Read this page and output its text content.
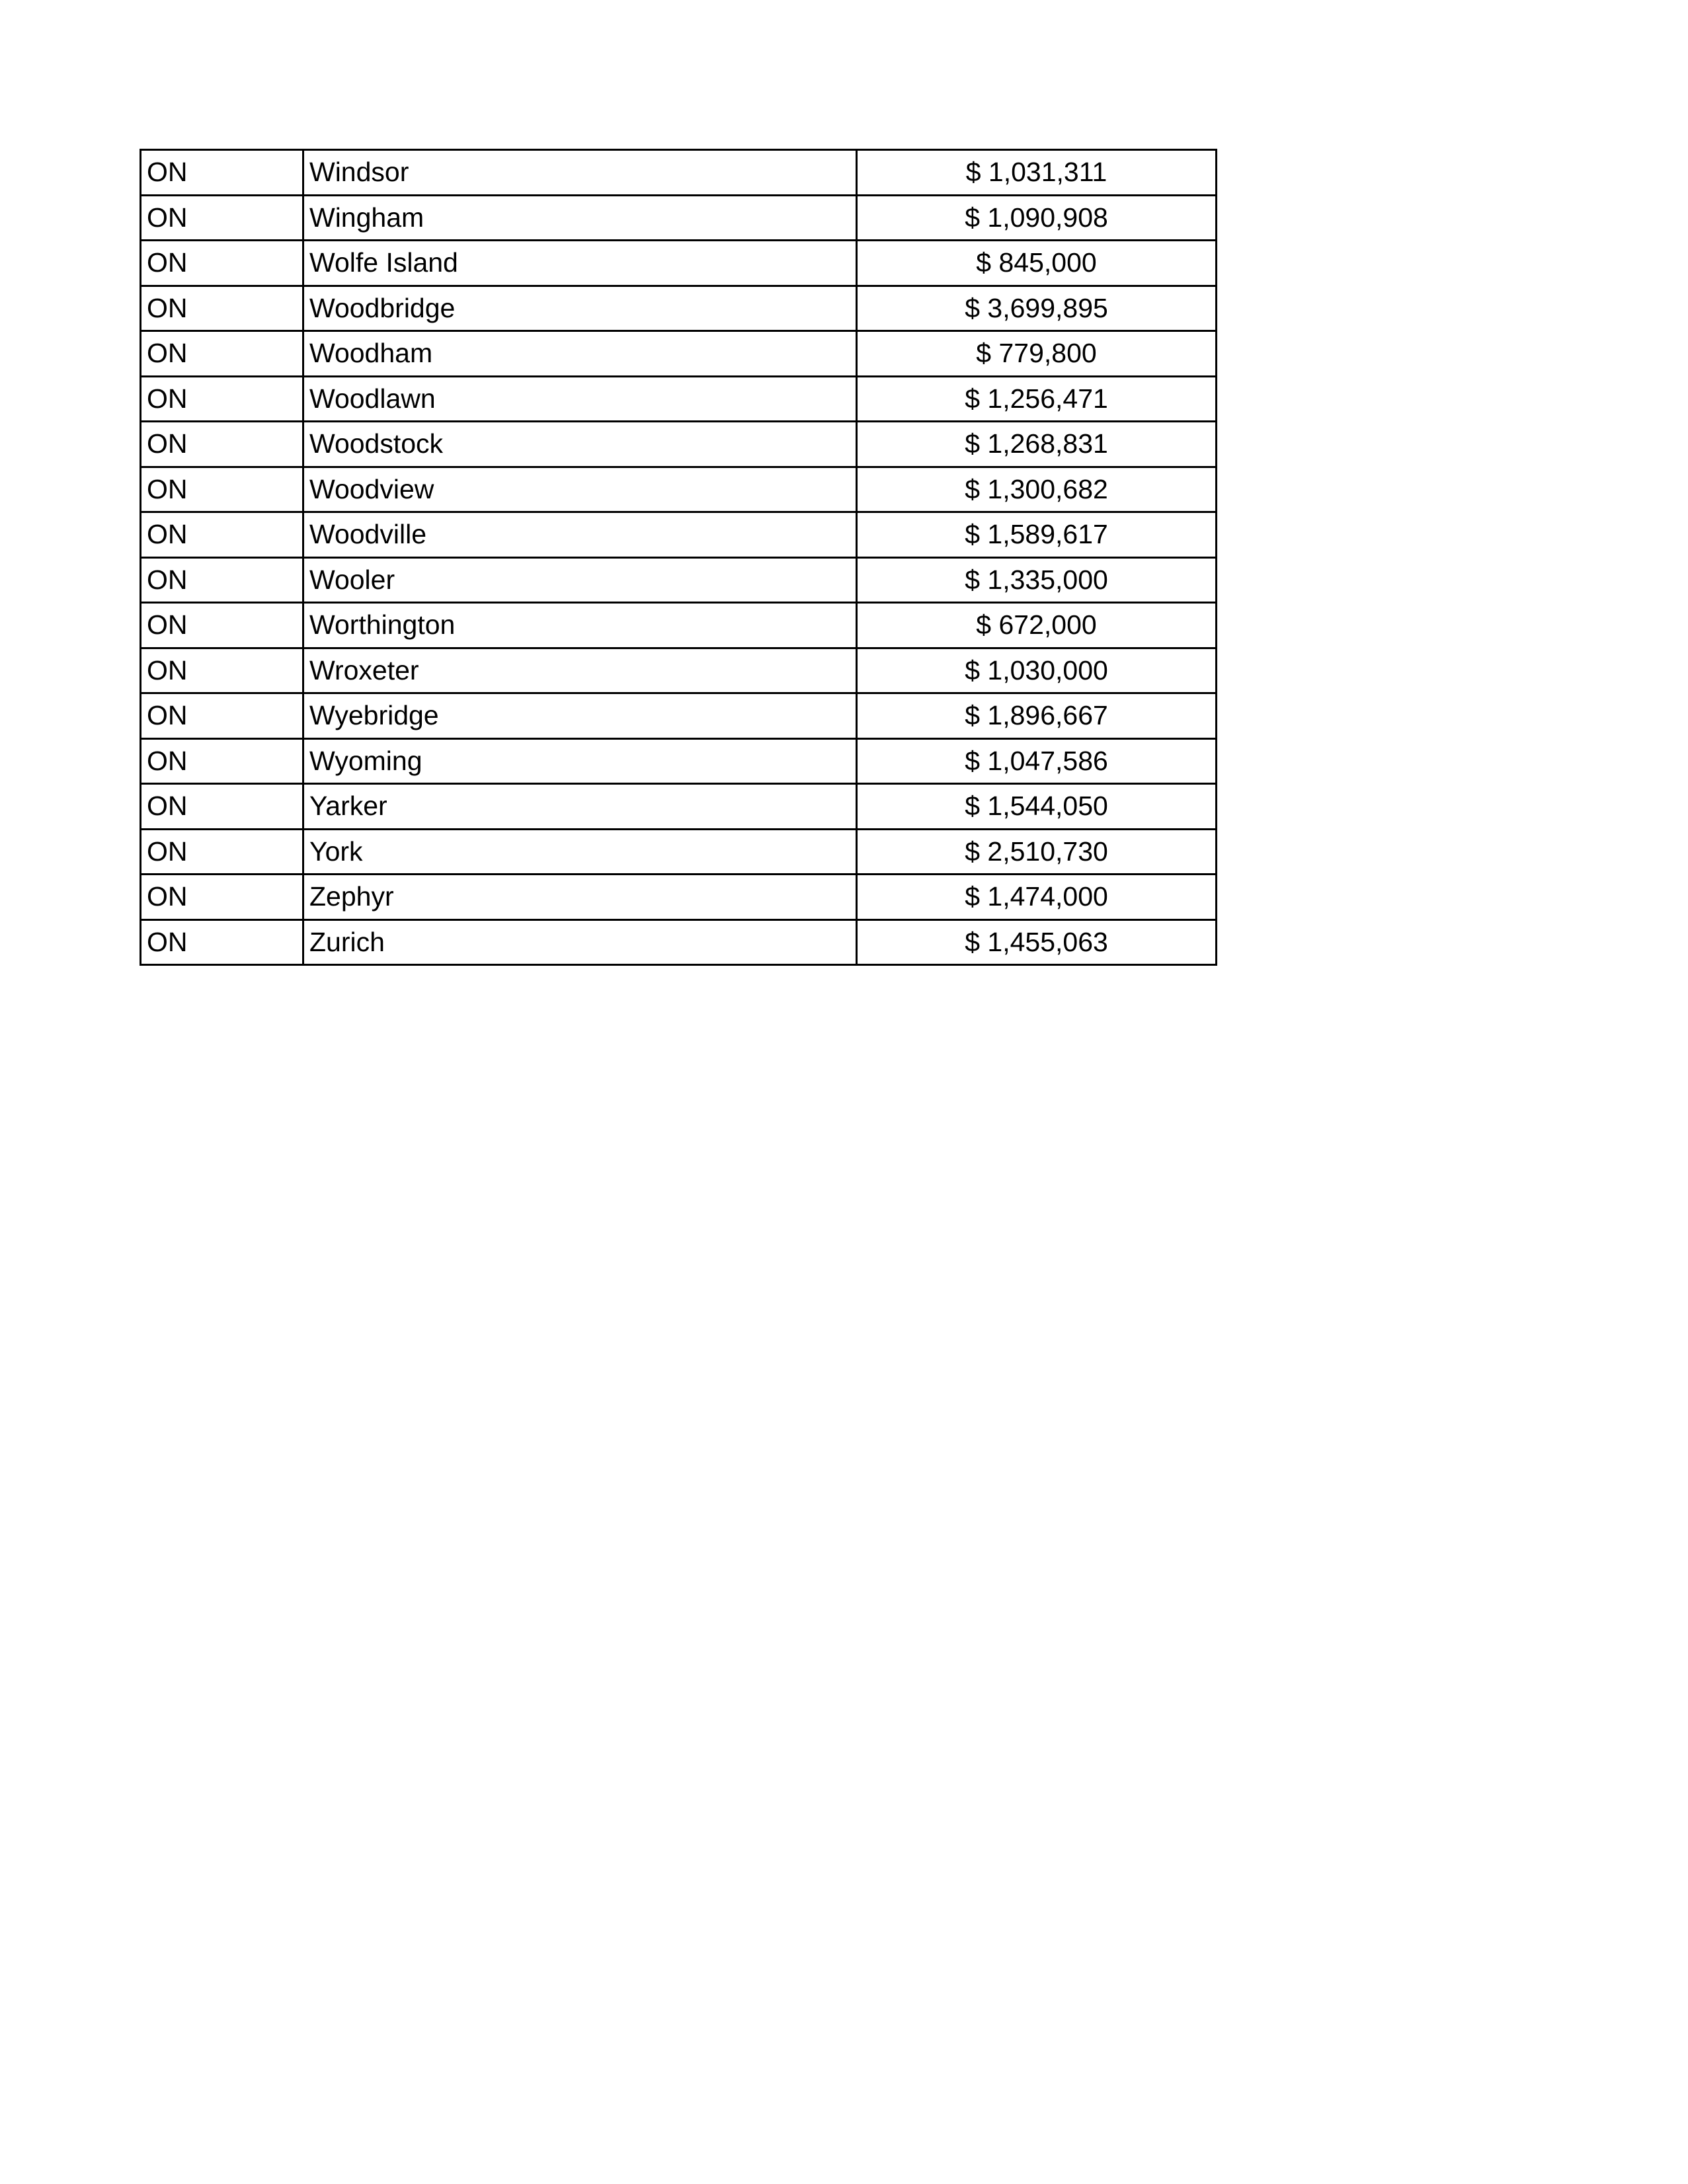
ON	Windsor	$ 1,031,311
ON	Wingham	$ 1,090,908
ON	Wolfe Island	$ 845,000
ON	Woodbridge	$ 3,699,895
ON	Woodham	$ 779,800
ON	Woodlawn	$ 1,256,471
ON	Woodstock	$ 1,268,831
ON	Woodview	$ 1,300,682
ON	Woodville	$ 1,589,617
ON	Wooler	$ 1,335,000
ON	Worthington	$ 672,000
ON	Wroxeter	$ 1,030,000
ON	Wyebridge	$ 1,896,667
ON	Wyoming	$ 1,047,586
ON	Yarker	$ 1,544,050
ON	York	$ 2,510,730
ON	Zephyr	$ 1,474,000
ON	Zurich	$ 1,455,063
